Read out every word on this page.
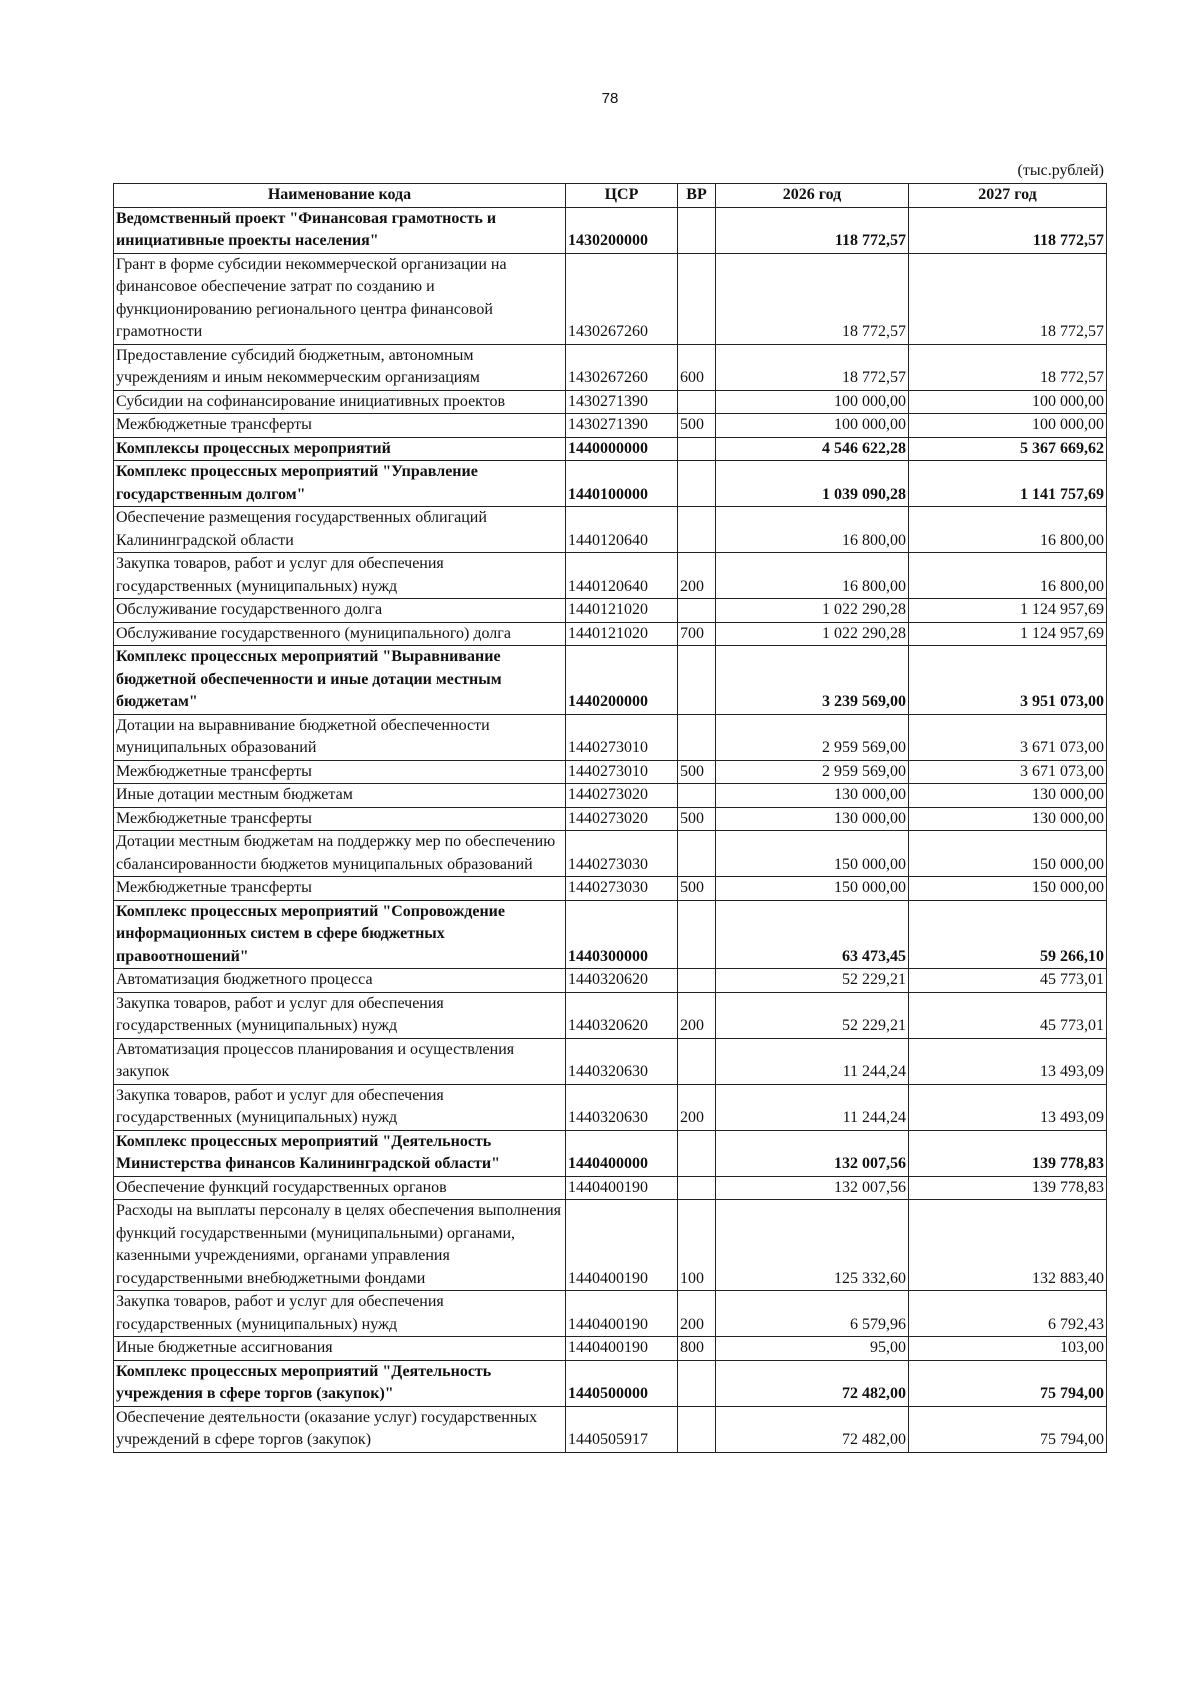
78
(тыс.рублей)
Наименование кода	ЦСР	ВР	2026 год	2027 год
Ведомственный проект "Финансовая грамотность и инициативные проекты населения"	1430200000		118 772,57	118 772,57
Грант в форме субсидии некоммерческой организации на финансовое обеспечение затрат по созданию и функционированию регионального центра финансовой грамотности	1430267260		18 772,57	18 772,57
Предоставление субсидий бюджетным, автономным учреждениям и иным некоммерческим организациям	1430267260	600	18 772,57	18 772,57
Субсидии на софинансирование инициативных проектов	1430271390		100 000,00	100 000,00
Межбюджетные трансферты	1430271390	500	100 000,00	100 000,00
Комплексы процессных мероприятий	1440000000		4 546 622,28	5 367 669,62
Комплекс процессных мероприятий "Управление государственным долгом"	1440100000		1 039 090,28	1 141 757,69
Обеспечение размещения государственных облигаций Калининградской области	1440120640		16 800,00	16 800,00
Закупка товаров, работ и услуг для обеспечения государственных (муниципальных) нужд	1440120640	200	16 800,00	16 800,00
Обслуживание государственного долга	1440121020		1 022 290,28	1 124 957,69
Обслуживание государственного (муниципального) долга	1440121020	700	1 022 290,28	1 124 957,69
Комплекс процессных мероприятий "Выравнивание бюджетной обеспеченности и иные дотации местным бюджетам"	1440200000		3 239 569,00	3 951 073,00
Дотации на выравнивание бюджетной обеспеченности муниципальных образований	1440273010		2 959 569,00	3 671 073,00
Межбюджетные трансферты	1440273010	500	2 959 569,00	3 671 073,00
Иные дотации местным бюджетам	1440273020		130 000,00	130 000,00
Межбюджетные трансферты	1440273020	500	130 000,00	130 000,00
Дотации местным бюджетам на поддержку мер по обеспечению сбалансированности бюджетов муниципальных образований	1440273030		150 000,00	150 000,00
Межбюджетные трансферты	1440273030	500	150 000,00	150 000,00
Комплекс процессных мероприятий "Сопровождение информационных систем в сфере бюджетных правоотношений"	1440300000		63 473,45	59 266,10
Автоматизация бюджетного процесса	1440320620		52 229,21	45 773,01
Закупка товаров, работ и услуг для обеспечения государственных (муниципальных) нужд	1440320620	200	52 229,21	45 773,01
Автоматизация процессов планирования и осуществления закупок	1440320630		11 244,24	13 493,09
Закупка товаров, работ и услуг для обеспечения государственных (муниципальных) нужд	1440320630	200	11 244,24	13 493,09
Комплекс процессных мероприятий "Деятельность Министерства финансов Калининградской области"	1440400000		132 007,56	139 778,83
Обеспечение функций государственных органов	1440400190		132 007,56	139 778,83
Расходы на выплаты персоналу в целях обеспечения выполнения функций государственными (муниципальными) органами, казенными учреждениями, органами управления государственными внебюджетными фондами	1440400190	100	125 332,60	132 883,40
Закупка товаров, работ и услуг для обеспечения государственных (муниципальных) нужд	1440400190	200	6 579,96	6 792,43
Иные бюджетные ассигнования	1440400190	800	95,00	103,00
Комплекс процессных мероприятий "Деятельность учреждения в сфере торгов (закупок)"	1440500000		72 482,00	75 794,00
Обеспечение деятельности (оказание услуг) государственных учреждений в сфере торгов (закупок)	1440505917		72 482,00	75 794,00
